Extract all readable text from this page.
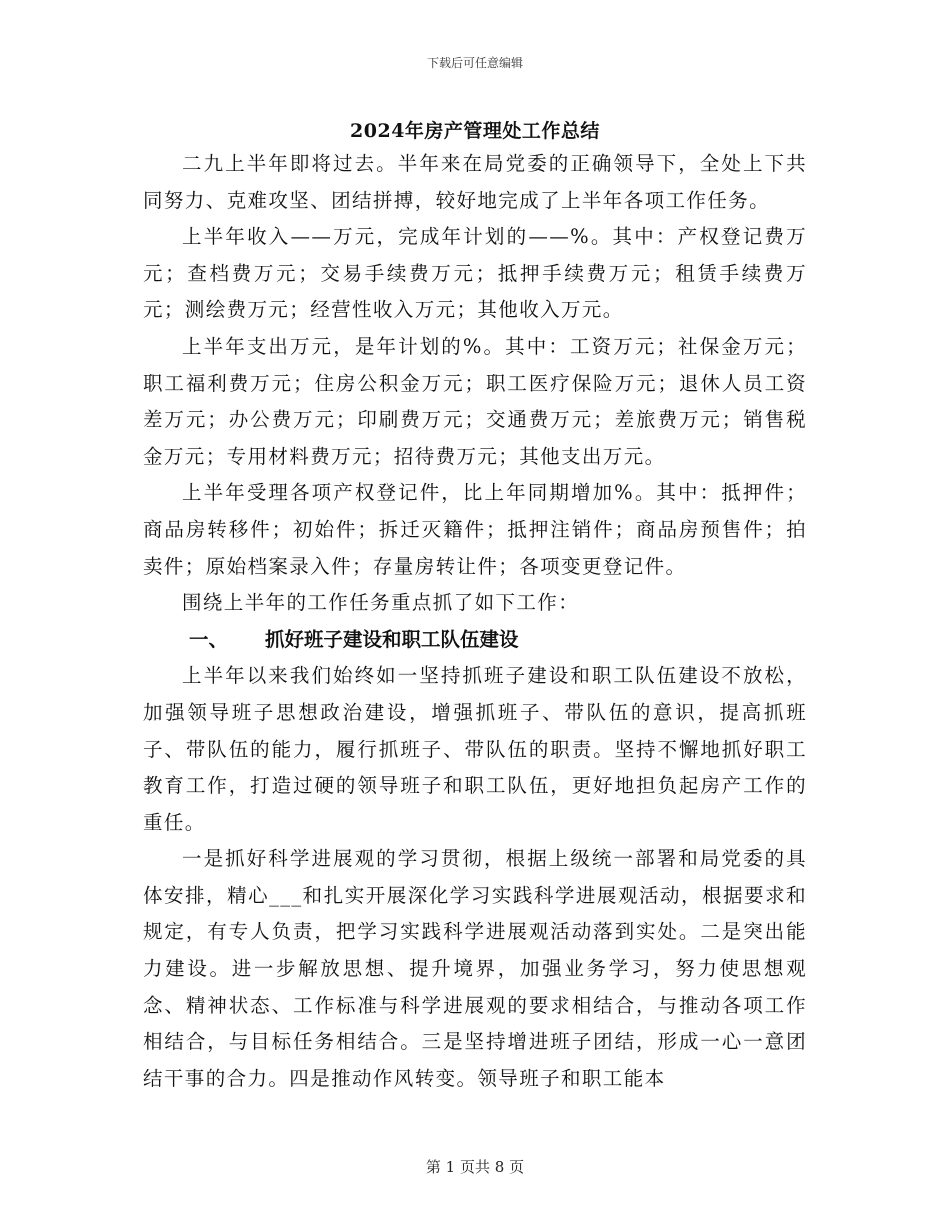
下载后可任意编辑
2024年房产管理处工作总结

二九上半年即将过去。半年来在局党委的正确领导下，全处上下共同努力、克难攻坚、团结拼搏，较好地完成了上半年各项工作任务。

上半年收入——万元，完成年计划的——%。其中：产权登记费万元；查档费万元；交易手续费万元；抵押手续费万元；租赁手续费万元；测绘费万元；经营性收入万元；其他收入万元。

上半年支出万元，是年计划的%。其中：工资万元；社保金万元；职工福利费万元；住房公积金万元；职工医疗保险万元；退休人员工资差万元；办公费万元；印刷费万元；交通费万元；差旅费万元；销售税金万元；专用材料费万元；招待费万元；其他支出万元。

上半年受理各项产权登记件，比上年同期增加%。其中：抵押件；商品房转移件；初始件；拆迁灭籍件；抵押注销件；商品房预售件；拍卖件；原始档案录入件；存量房转让件；各项变更登记件。

围绕上半年的工作任务重点抓了如下工作：

一、 抓好班子建设和职工队伍建设

上半年以来我们始终如一坚持抓班子建设和职工队伍建设不放松，加强领导班子思想政治建设，增强抓班子、带队伍的意识，提高抓班子、带队伍的能力，履行抓班子、带队伍的职责。坚持不懈地抓好职工教育工作，打造过硬的领导班子和职工队伍，更好地担负起房产工作的重任。

一是抓好科学进展观的学习贯彻，根据上级统一部署和局党委的具体安排，精心___和扎实开展深化学习实践科学进展观活动，根据要求和规定，有专人负责，把学习实践科学进展观活动落到实处。二是突出能力建设。进一步解放思想、提升境界，加强业务学习，努力使思想观念、精神状态、工作标准与科学进展观的要求相结合，与推动各项工作相结合，与目标任务相结合。三是坚持增进班子团结，形成一心一意团结干事的合力。四是推动作风转变。领导班子和职工能本

第 1 页共 8 页
